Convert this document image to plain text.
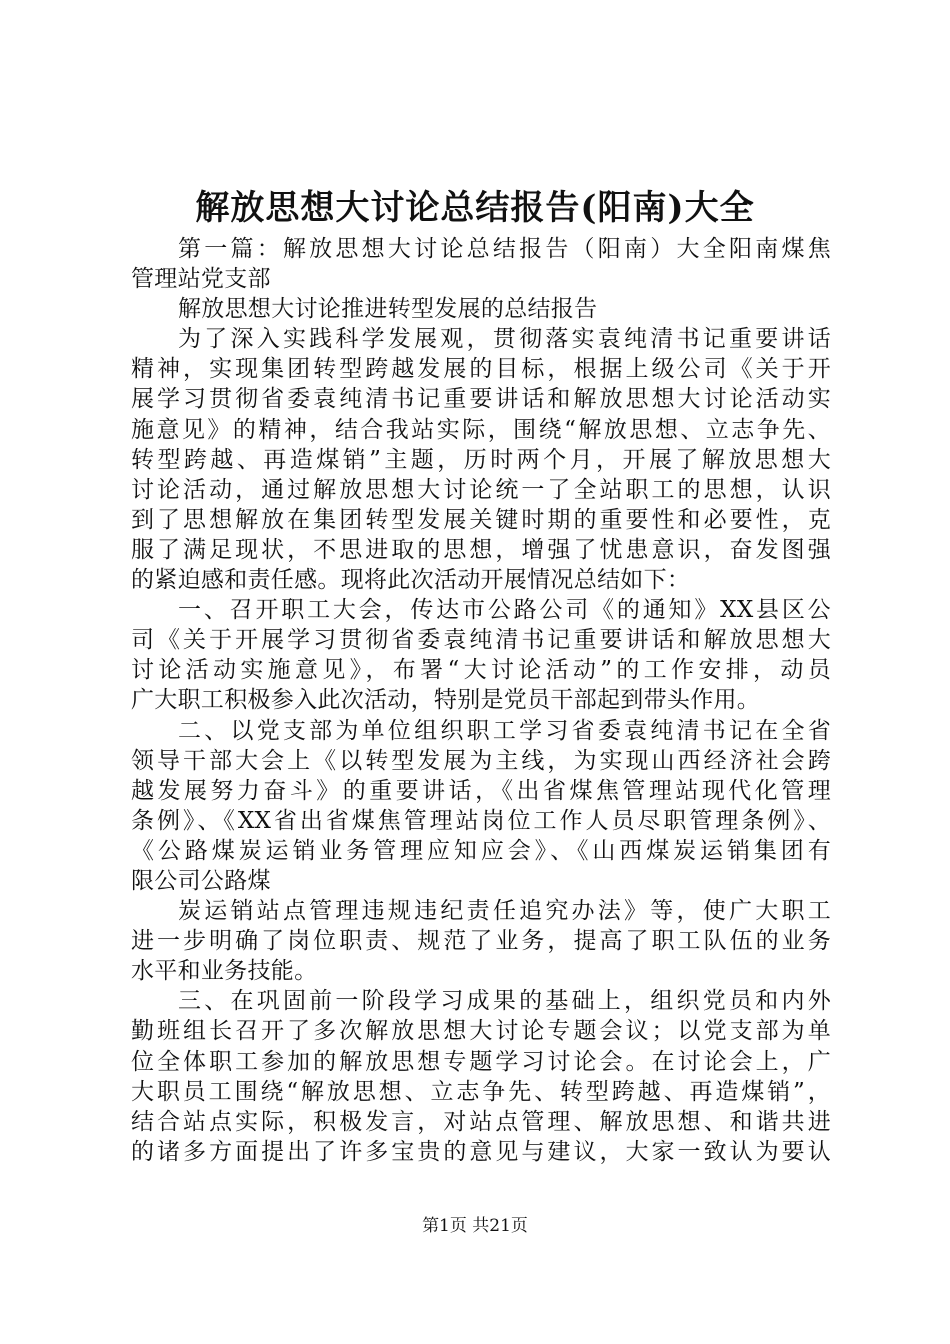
解放思想大讨论总结报告(阳南)大全
第一篇：解放思想大讨论总结报告（阳南）大全阳南煤焦
管理站党支部
解放思想大讨论推进转型发展的总结报告
为了深入实践科学发展观，贯彻落实袁纯清书记重要讲话
精神，实现集团转型跨越发展的目标，根据上级公司《关于开
展学习贯彻省委袁纯清书记重要讲话和解放思想大讨论活动实
施意见》的精神，结合我站实际，围绕“解放思想、立志争先、
转型跨越、再造煤销”主题，历时两个月，开展了解放思想大
讨论活动，通过解放思想大讨论统一了全站职工的思想，认识
到了思想解放在集团转型发展关键时期的重要性和必要性，克
服了满足现状，不思进取的思想，增强了忧患意识，奋发图强
的紧迫感和责任感。现将此次活动开展情况总结如下：
一、召开职工大会，传达市公路公司《的通知》XX县区公
司《关于开展学习贯彻省委袁纯清书记重要讲话和解放思想大
讨论活动实施意见》，布署“大讨论活动”的工作安排，动员
广大职工积极参入此次活动，特别是党员干部起到带头作用。
二、以党支部为单位组织职工学习省委袁纯清书记在全省
领导干部大会上《以转型发展为主线，为实现山西经济社会跨
越发展努力奋斗》的重要讲话，《出省煤焦管理站现代化管理
条例》、《XX省出省煤焦管理站岗位工作人员尽职管理条例》、
《公路煤炭运销业务管理应知应会》、《山西煤炭运销集团有
限公司公路煤
炭运销站点管理违规违纪责任追究办法》等，使广大职工
进一步明确了岗位职责、规范了业务，提高了职工队伍的业务
水平和业务技能。
三、在巩固前一阶段学习成果的基础上，组织党员和内外
勤班组长召开了多次解放思想大讨论专题会议；以党支部为单
位全体职工参加的解放思想专题学习讨论会。在讨论会上，广
大职员工围绕“解放思想、立志争先、转型跨越、再造煤销”，
结合站点实际，积极发言，对站点管理、解放思想、和谐共进
的诸多方面提出了许多宝贵的意见与建议，大家一致认为要认
第1页 共21页
